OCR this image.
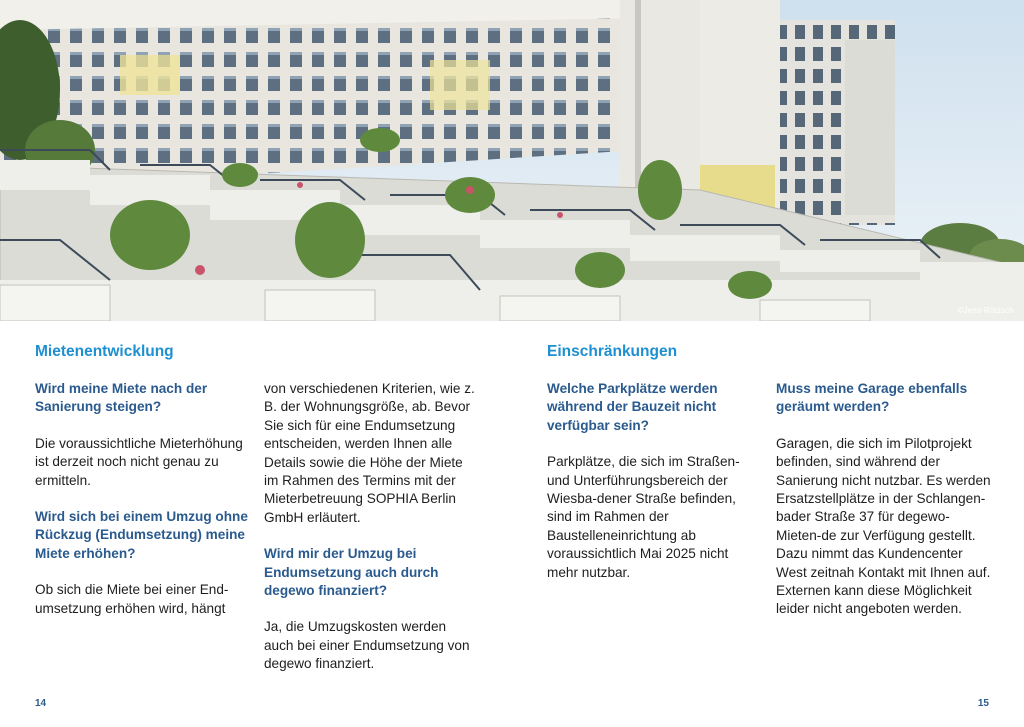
©Jens Rötzsch
Mietenentwicklung

Wird meine Miete nach der Sanierung steigen?

Die voraussichtliche Mieterhöhung ist derzeit noch nicht genau zu ermitteln.

Wird sich bei einem Umzug ohne Rückzug (Endumsetzung) meine Miete erhöhen?

Ob sich die Miete bei einer End-umsetzung erhöhen wird, hängt

von verschiedenen Kriterien, wie z. B. der Wohnungsgröße, ab. Bevor Sie sich für eine Endumsetzung entscheiden, werden Ihnen alle Details sowie die Höhe der Miete im Rahmen des Termins mit der Mieterbetreuung SOPHIA Berlin GmbH erläutert.

Wird mir der Umzug bei Endumsetzung auch durch degewo finanziert?

Ja, die Umzugskosten werden auch bei einer Endumsetzung von degewo finanziert.

14
Einschränkungen

Welche Parkplätze werden während der Bauzeit nicht verfügbar sein?

Parkplätze, die sich im Straßen- und Unterführungsbereich der Wiesba-dener Straße befinden, sind im Rahmen der Baustelleneinrichtung ab voraussichtlich Mai 2025 nicht mehr nutzbar.

Muss meine Garage ebenfalls geräumt werden?

Garagen, die sich im Pilotprojekt befinden, sind während der Sanierung nicht nutzbar. Es werden Ersatzstellplätze in der Schlangen-bader Straße 37 für degewo-Mieten-de zur Verfügung gestellt. Dazu nimmt das Kundencenter West zeitnah Kontakt mit Ihnen auf. Externen kann diese Möglichkeit leider nicht angeboten werden.

15
